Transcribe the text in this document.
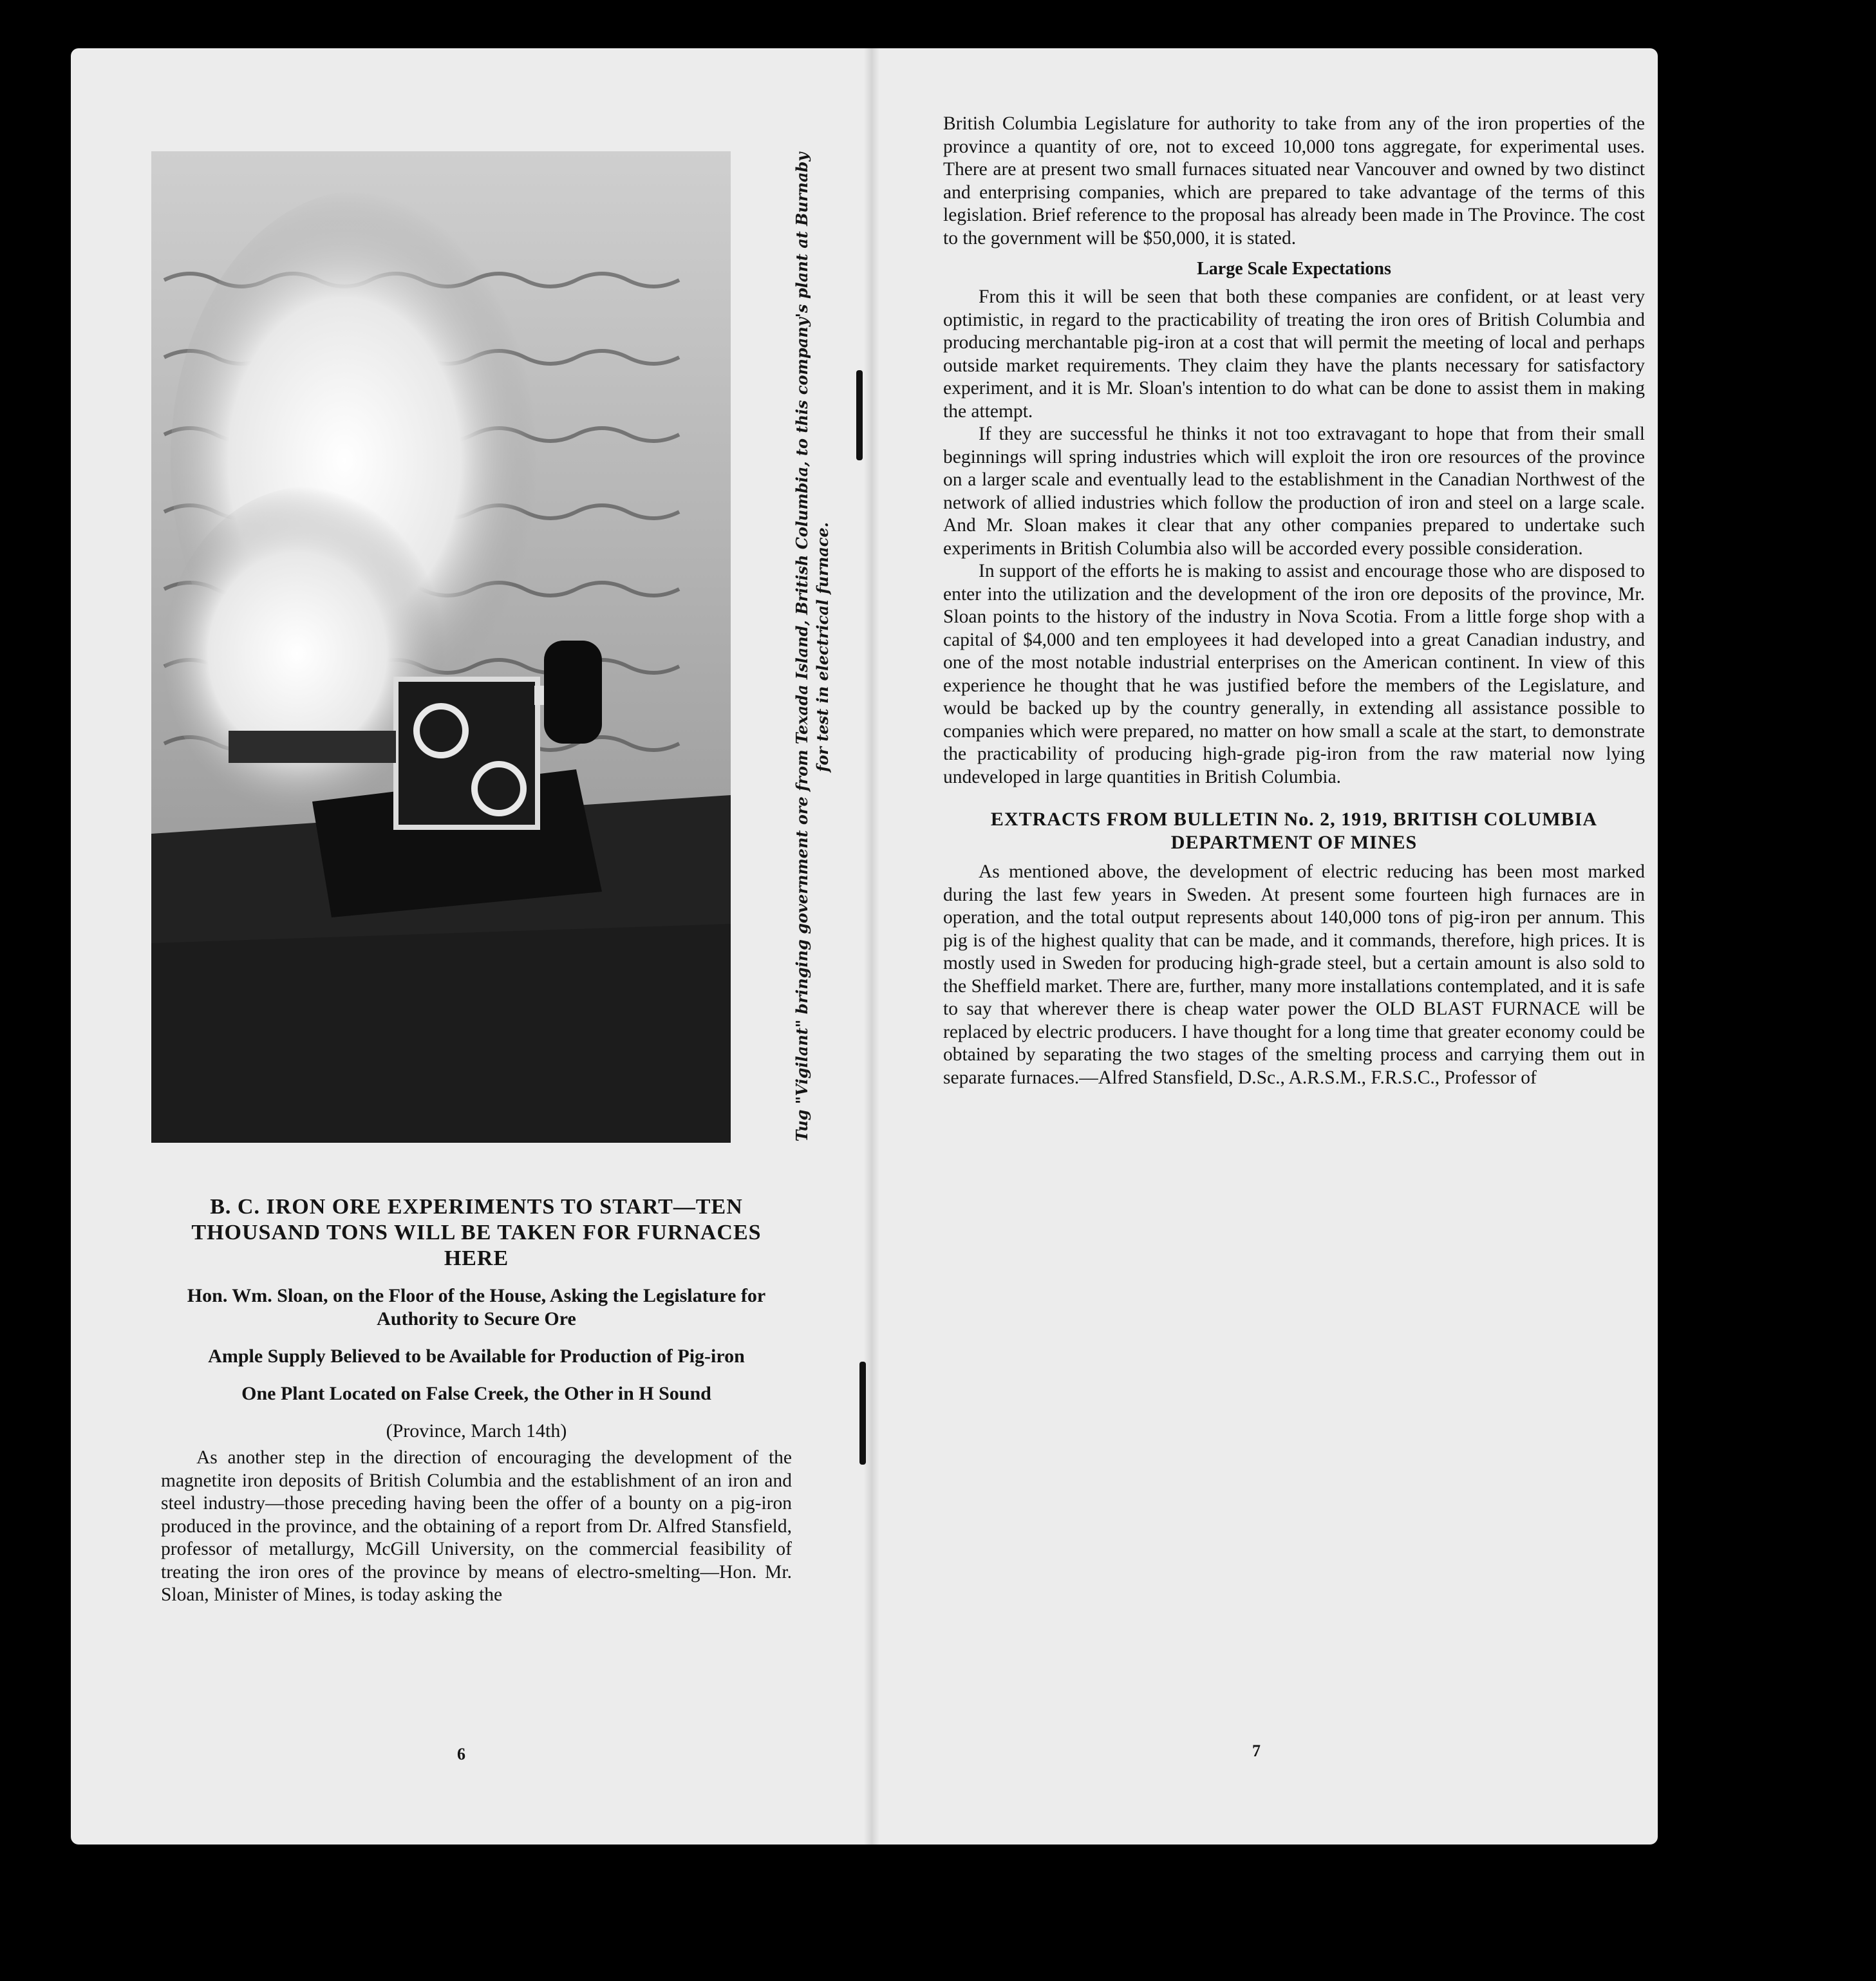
Tug "Vigilant" bringing government ore from Texada Island, British Columbia, to this company's plant at Burnaby for test in electrical furnace.

B. C. IRON ORE EXPERIMENTS TO START—TEN THOUSAND TONS WILL BE TAKEN FOR FURNACES HERE

Hon. Wm. Sloan, on the Floor of the House, Asking the Legislature for Authority to Secure Ore

Ample Supply Believed to be Available for Production of Pig-iron

One Plant Located on False Creek, the Other in H Sound

(Province, March 14th)

As another step in the direction of encouraging the development of the magnetite iron deposits of British Columbia and the establishment of an iron and steel industry—those preceding having been the offer of a bounty on a pig-iron produced in the province, and the obtaining of a report from Dr. Alfred Stansfield, professor of metallurgy, McGill University, on the commercial feasibility of treating the iron ores of the province by means of electro-smelting—Hon. Mr. Sloan, Minister of Mines, is today asking the

6

British Columbia Legislature for authority to take from any of the iron properties of the province a quantity of ore, not to exceed 10,000 tons aggregate, for experimental uses. There are at present two small furnaces situated near Vancouver and owned by two distinct and enterprising companies, which are prepared to take advantage of the terms of this legislation. Brief reference to the proposal has already been made in The Province. The cost to the government will be $50,000, it is stated.

Large Scale Expectations

From this it will be seen that both these companies are confident, or at least very optimistic, in regard to the practicability of treating the iron ores of British Columbia and producing merchantable pig-iron at a cost that will permit the meeting of local and perhaps outside market requirements. They claim they have the plants necessary for satisfactory experiment, and it is Mr. Sloan's intention to do what can be done to assist them in making the attempt.

If they are successful he thinks it not too extravagant to hope that from their small beginnings will spring industries which will exploit the iron ore resources of the province on a larger scale and eventually lead to the establishment in the Canadian Northwest of the network of allied industries which follow the production of iron and steel on a large scale. And Mr. Sloan makes it clear that any other companies prepared to undertake such experiments in British Columbia also will be accorded every possible consideration.

In support of the efforts he is making to assist and encourage those who are disposed to enter into the utilization and the development of the iron ore deposits of the province, Mr. Sloan points to the history of the industry in Nova Scotia. From a little forge shop with a capital of $4,000 and ten employees it had developed into a great Canadian industry, and one of the most notable industrial enterprises on the American continent. In view of this experience he thought that he was justified before the members of the Legislature, and would be backed up by the country generally, in extending all assistance possible to companies which were prepared, no matter on how small a scale at the start, to demonstrate the practicability of producing high-grade pig-iron from the raw material now lying undeveloped in large quantities in British Columbia.

EXTRACTS FROM BULLETIN No. 2, 1919, BRITISH COLUMBIA DEPARTMENT OF MINES

As mentioned above, the development of electric reducing has been most marked during the last few years in Sweden. At present some fourteen high furnaces are in operation, and the total output represents about 140,000 tons of pig-iron per annum. This pig is of the highest quality that can be made, and it commands, therefore, high prices. It is mostly used in Sweden for producing high-grade steel, but a certain amount is also sold to the Sheffield market. There are, further, many more installations contemplated, and it is safe to say that wherever there is cheap water power the OLD BLAST FURNACE will be replaced by electric producers. I have thought for a long time that greater economy could be obtained by separating the two stages of the smelting process and carrying them out in separate furnaces.—Alfred Stansfield, D.Sc., A.R.S.M., F.R.S.C., Professor of

7
